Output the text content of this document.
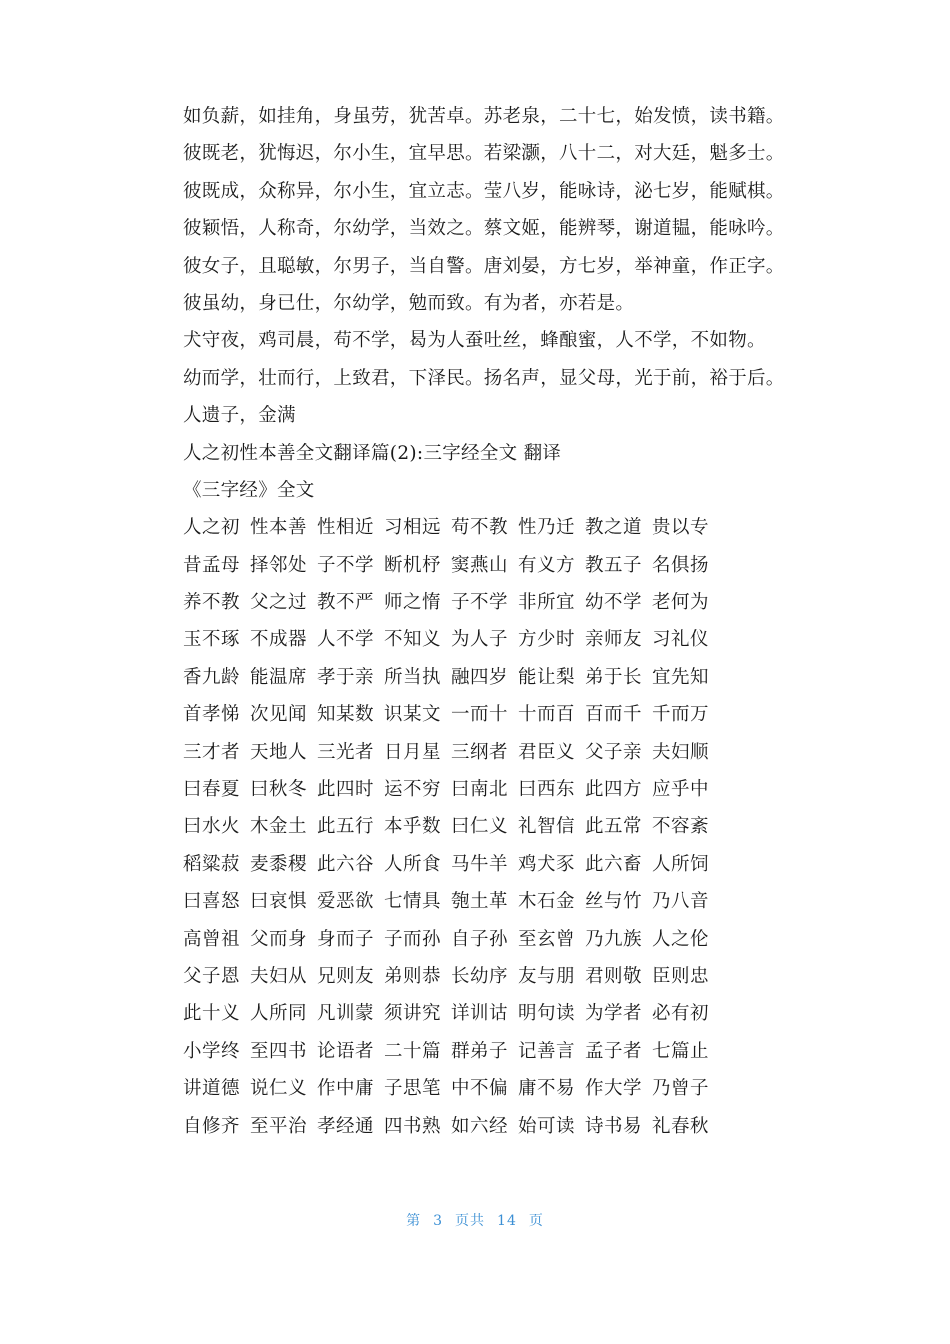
如负薪，如挂角，身虽劳，犹苦卓。苏老泉，二十七，始发愤，读书籍。
彼既老，犹悔迟，尔小生，宜早思。若梁灏，八十二，对大廷，魁多士。
彼既成，众称异，尔小生，宜立志。莹八岁，能咏诗，泌七岁，能赋棋。
彼颖悟，人称奇，尔幼学，当效之。蔡文姬，能辨琴，谢道韫，能咏吟。
彼女子，且聪敏，尔男子，当自警。唐刘晏，方七岁，举神童，作正字。
彼虽幼，身已仕，尔幼学，勉而致。有为者，亦若是。
犬守夜，鸡司晨，苟不学，曷为人蚕吐丝，蜂酿蜜，人不学，不如物。
幼而学，壮而行，上致君，下泽民。扬名声，显父母，光于前，裕于后。
人遗子，金满
人之初性本善全文翻译篇(2):三字经全文 翻译
《三字经》全文
人之初 性本善 性相近 习相远 苟不教 性乃迁 教之道 贵以专
昔孟母 择邻处 子不学 断机杼 窦燕山 有义方 教五子 名俱扬
养不教 父之过 教不严 师之惰 子不学 非所宜 幼不学 老何为
玉不琢 不成器 人不学 不知义 为人子 方少时 亲师友 习礼仪
香九龄 能温席 孝于亲 所当执 融四岁 能让梨 弟于长 宜先知
首孝悌 次见闻 知某数 识某文 一而十 十而百 百而千 千而万
三才者 天地人 三光者 日月星 三纲者 君臣义 父子亲 夫妇顺
曰春夏 曰秋冬 此四时 运不穷 曰南北 曰西东 此四方 应乎中
曰水火 木金土 此五行 本乎数 曰仁义 礼智信 此五常 不容紊
稻粱菽 麦黍稷 此六谷 人所食 马牛羊 鸡犬豕 此六畜 人所饲
曰喜怒 曰哀惧 爱恶欲 七情具 匏土革 木石金 丝与竹 乃八音
高曾祖 父而身 身而子 子而孙 自子孙 至玄曾 乃九族 人之伦
父子恩 夫妇从 兄则友 弟则恭 长幼序 友与朋 君则敬 臣则忠
此十义 人所同 凡训蒙 须讲究 详训诂 明句读 为学者 必有初
小学终 至四书 论语者 二十篇 群弟子 记善言 孟子者 七篇止
讲道德 说仁义 作中庸 子思笔 中不偏 庸不易 作大学 乃曾子
自修齐 至平治 孝经通 四书熟 如六经 始可读 诗书易 礼春秋
第 3 页共 14 页
